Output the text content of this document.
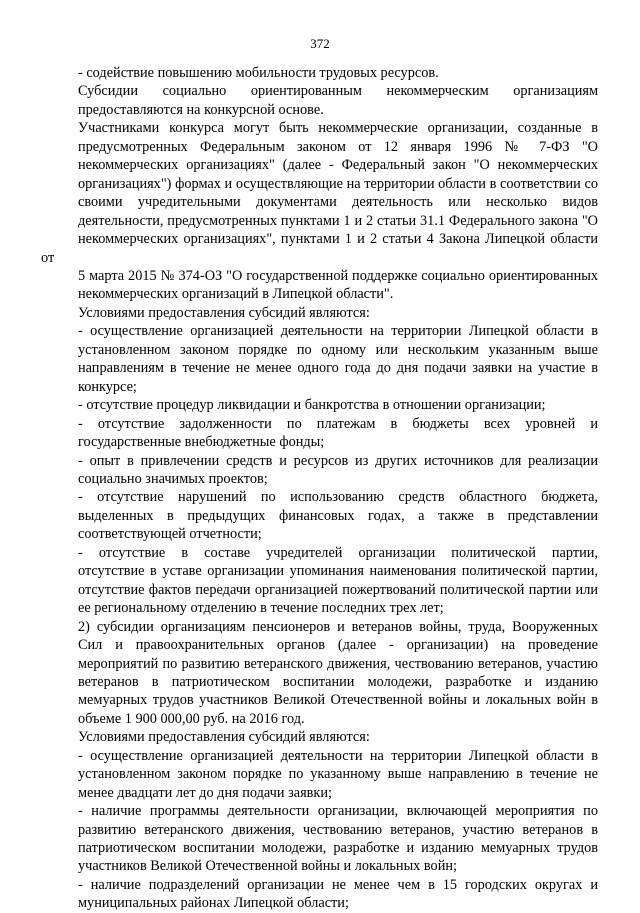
372
- содействие повышению мобильности трудовых ресурсов.
Субсидии социально ориентированным некоммерческим организациям
предоставляются на конкурсной основе.
Участниками конкурса могут быть некоммерческие организации, созданные в
предусмотренных Федеральным законом от 12 января 1996 № 7-ФЗ "О
некоммерческих организациях" (далее - Федеральный закон "О некоммерческих
организациях") формах и осуществляющие на территории области в соответствии со
своими учредительными документами деятельность или несколько видов
деятельности, предусмотренных пунктами 1 и 2 статьи 31.1 Федерального закона "О
некоммерческих организациях", пунктами 1 и 2 статьи 4 Закона Липецкой области от
5 марта 2015 № 374-ОЗ "О государственной поддержке социально ориентированных
некоммерческих организаций в Липецкой области".
Условиями предоставления субсидий являются:
- осуществление организацией деятельности на территории Липецкой области в
установленном законом порядке по одному или нескольким указанным выше
направлениям в течение не менее одного года до дня подачи заявки на участие в
конкурсе;
- отсутствие процедур ликвидации и банкротства в отношении организации;
- отсутствие задолженности по платежам в бюджеты всех уровней и
государственные внебюджетные фонды;
- опыт в привлечении средств и ресурсов из других источников для реализации
социально значимых проектов;
- отсутствие нарушений по использованию средств областного бюджета,
выделенных в предыдущих финансовых годах, а также в представлении
соответствующей отчетности;
- отсутствие в составе учредителей организации политической партии,
отсутствие в уставе организации упоминания наименования политической партии,
отсутствие фактов передачи организацией пожертвований политической партии или
ее региональному отделению в течение последних трех лет;
2) субсидии организациям пенсионеров и ветеранов войны, труда, Вооруженных
Сил и правоохранительных органов (далее - организации) на проведение
мероприятий по развитию ветеранского движения, чествованию ветеранов, участию
ветеранов в патриотическом воспитании молодежи, разработке и изданию
мемуарных трудов участников Великой Отечественной войны и локальных войн в
объеме 1 900 000,00 руб. на 2016 год.
Условиями предоставления субсидий являются:
- осуществление организацией деятельности на территории Липецкой области в
установленном законом порядке по указанному выше направлению в течение не
менее двадцати лет до дня подачи заявки;
- наличие программы деятельности организации, включающей мероприятия по
развитию ветеранского движения, чествованию ветеранов, участию ветеранов в
патриотическом воспитании молодежи, разработке и изданию мемуарных трудов
участников Великой Отечественной войны и локальных войн;
- наличие подразделений организации не менее чем в 15 городских округах и
муниципальных районах Липецкой области;
